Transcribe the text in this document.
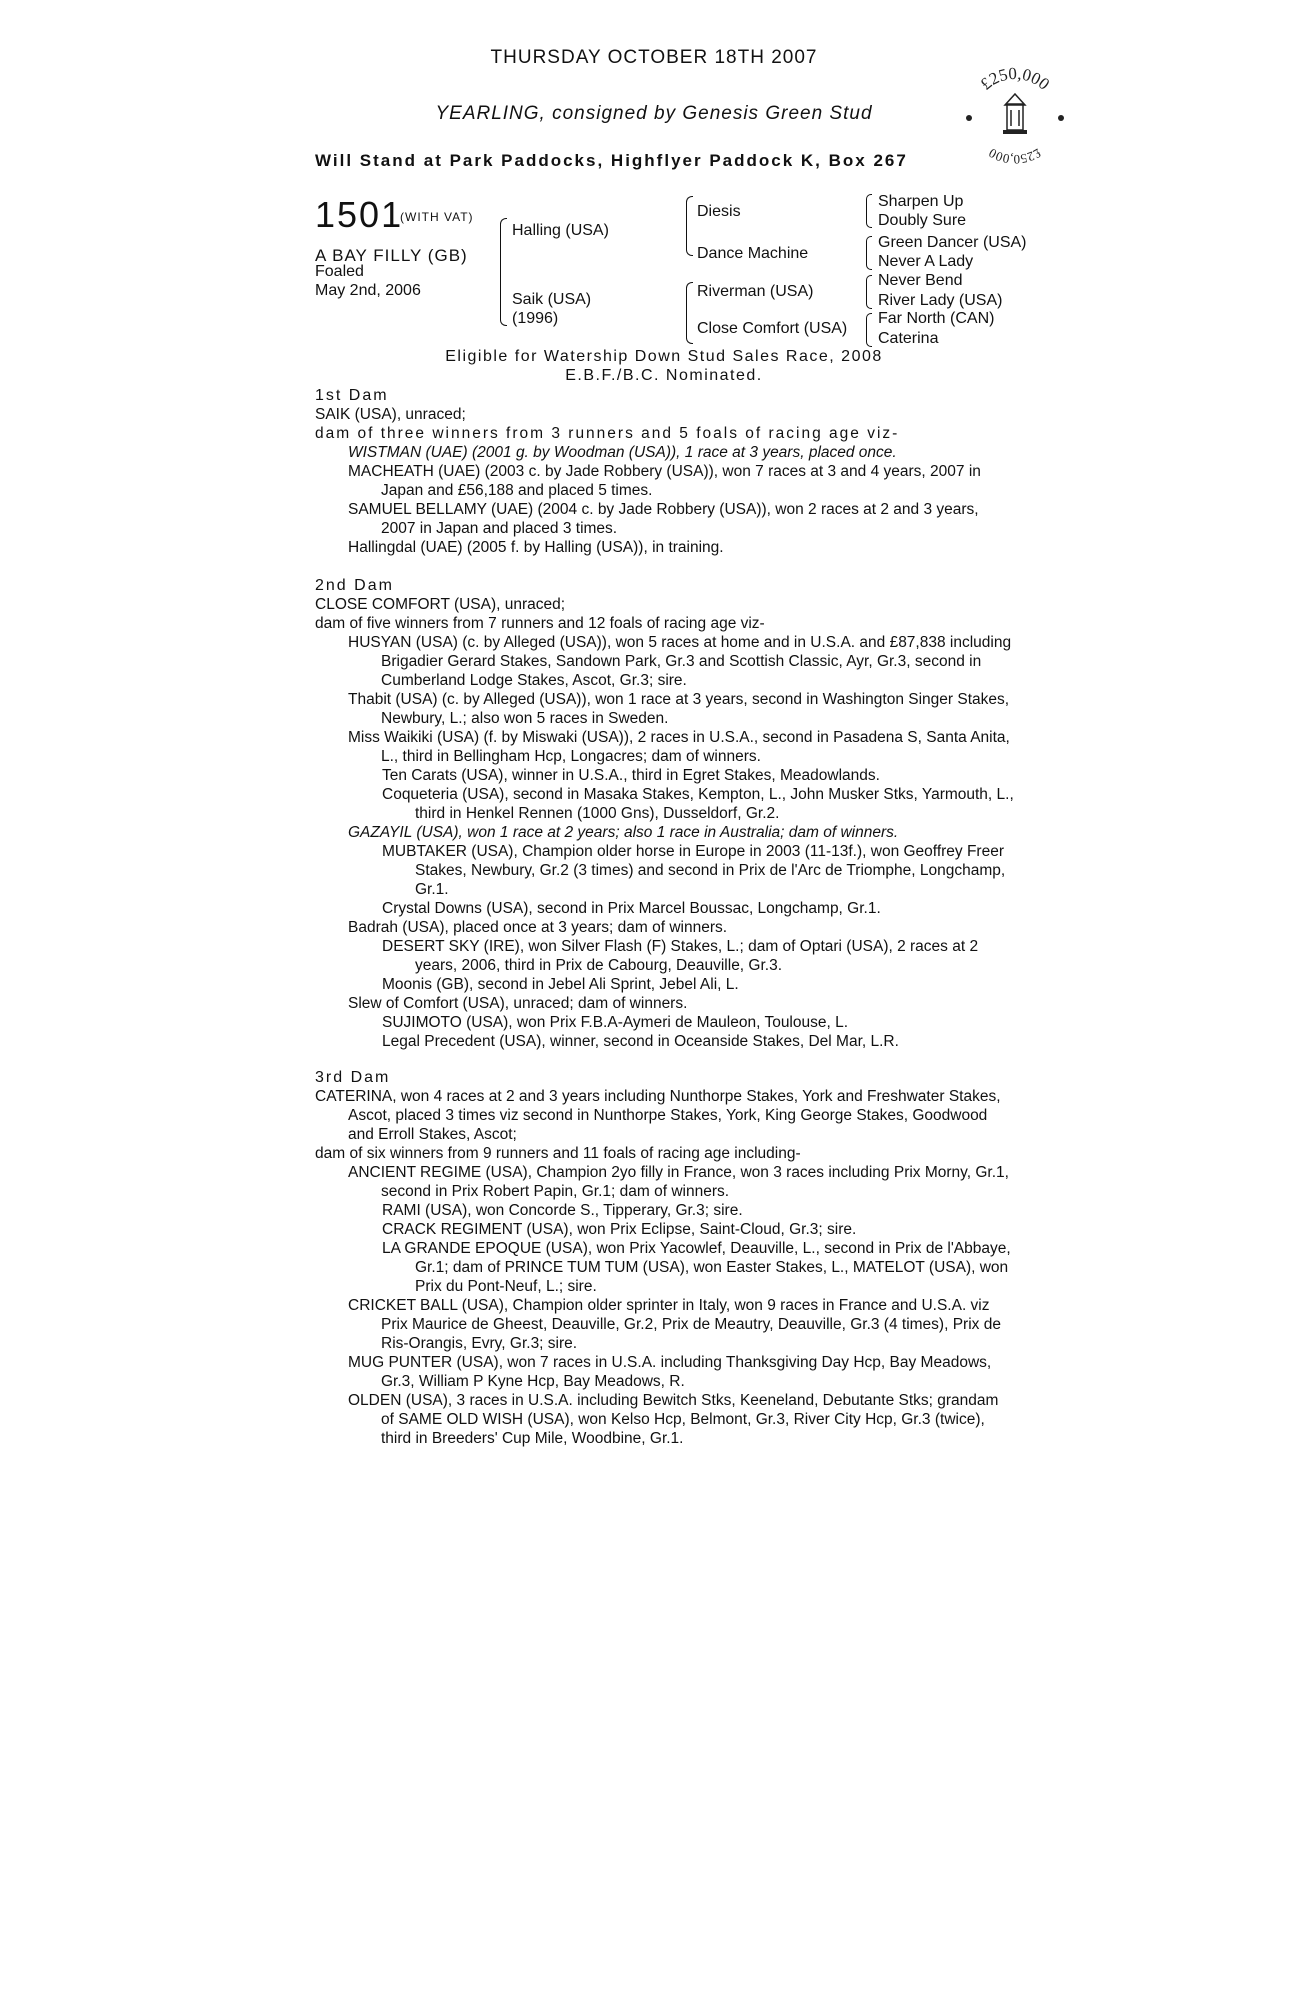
THURSDAY OCTOBER 18TH 2007
YEARLING, consigned by Genesis Green Stud
Will Stand at Park Paddocks, Highflyer Paddock K, Box 267
£250,000
£250,000
1501
(WITH VAT)
A BAY FILLY (GB)
Foaled
May 2nd, 2006
Halling (USA)
Saik (USA)
(1996)
Diesis
Dance Machine
Riverman (USA)
Close Comfort (USA)
Sharpen Up
Doubly Sure
Green Dancer (USA)
Never A Lady
Never Bend
River Lady (USA)
Far North (CAN)
Caterina
Eligible for Watership Down Stud Sales Race, 2008
E.B.F./B.C. Nominated.

1st Dam

SAIK (USA), unraced;

dam of three winners from 3 runners and 5 foals of racing age viz-

WISTMAN (UAE) (2001 g. by Woodman (USA)), 1 race at 3 years, placed once.

MACHEATH (UAE) (2003 c. by Jade Robbery (USA)), won 7 races at 3 and 4 years, 2007 in Japan and £56,188 and placed 5 times.

SAMUEL BELLAMY (UAE) (2004 c. by Jade Robbery (USA)), won 2 races at 2 and 3 years, 2007 in Japan and placed 3 times.

Hallingdal (UAE) (2005 f. by Halling (USA)), in training.

2nd Dam

CLOSE COMFORT (USA), unraced;

dam of five winners from 7 runners and 12 foals of racing age viz-

HUSYAN (USA) (c. by Alleged (USA)), won 5 races at home and in U.S.A. and £87,838 including Brigadier Gerard Stakes, Sandown Park, Gr.3 and Scottish Classic, Ayr, Gr.3, second in Cumberland Lodge Stakes, Ascot, Gr.3; sire.

Thabit (USA) (c. by Alleged (USA)), won 1 race at 3 years, second in Washington Singer Stakes, Newbury, L.; also won 5 races in Sweden.

Miss Waikiki (USA) (f. by Miswaki (USA)), 2 races in U.S.A., second in Pasadena S, Santa Anita, L., third in Bellingham Hcp, Longacres; dam of winners.

Ten Carats (USA), winner in U.S.A., third in Egret Stakes, Meadowlands.

Coqueteria (USA), second in Masaka Stakes, Kempton, L., John Musker Stks, Yarmouth, L., third in Henkel Rennen (1000 Gns), Dusseldorf, Gr.2.

GAZAYIL (USA), won 1 race at 2 years; also 1 race in Australia; dam of winners.

MUBTAKER (USA), Champion older horse in Europe in 2003 (11-13f.), won Geoffrey Freer Stakes, Newbury, Gr.2 (3 times) and second in Prix de l'Arc de Triomphe, Longchamp, Gr.1.

Crystal Downs (USA), second in Prix Marcel Boussac, Longchamp, Gr.1.

Badrah (USA), placed once at 3 years; dam of winners.

DESERT SKY (IRE), won Silver Flash (F) Stakes, L.; dam of Optari (USA), 2 races at 2 years, 2006, third in Prix de Cabourg, Deauville, Gr.3.

Moonis (GB), second in Jebel Ali Sprint, Jebel Ali, L.

Slew of Comfort (USA), unraced; dam of winners.

SUJIMOTO (USA), won Prix F.B.A-Aymeri de Mauleon, Toulouse, L.

Legal Precedent (USA), winner, second in Oceanside Stakes, Del Mar, L.R.

3rd Dam

CATERINA, won 4 races at 2 and 3 years including Nunthorpe Stakes, York and Freshwater Stakes, Ascot, placed 3 times viz second in Nunthorpe Stakes, York, King George Stakes, Goodwood and Erroll Stakes, Ascot;

dam of six winners from 9 runners and 11 foals of racing age including-

ANCIENT REGIME (USA), Champion 2yo filly in France, won 3 races including Prix Morny, Gr.1, second in Prix Robert Papin, Gr.1; dam of winners.

RAMI (USA), won Concorde S., Tipperary, Gr.3; sire.

CRACK REGIMENT (USA), won Prix Eclipse, Saint-Cloud, Gr.3; sire.

LA GRANDE EPOQUE (USA), won Prix Yacowlef, Deauville, L., second in Prix de l'Abbaye, Gr.1; dam of PRINCE TUM TUM (USA), won Easter Stakes, L., MATELOT (USA), won Prix du Pont-Neuf, L.; sire.

CRICKET BALL (USA), Champion older sprinter in Italy, won 9 races in France and U.S.A. viz Prix Maurice de Gheest, Deauville, Gr.2, Prix de Meautry, Deauville, Gr.3 (4 times), Prix de Ris-Orangis, Evry, Gr.3; sire.

MUG PUNTER (USA), won 7 races in U.S.A. including Thanksgiving Day Hcp, Bay Meadows, Gr.3, William P Kyne Hcp, Bay Meadows, R.

OLDEN (USA), 3 races in U.S.A. including Bewitch Stks, Keeneland, Debutante Stks; grandam of SAME OLD WISH (USA), won Kelso Hcp, Belmont, Gr.3, River City Hcp, Gr.3 (twice), third in Breeders' Cup Mile, Woodbine, Gr.1.
